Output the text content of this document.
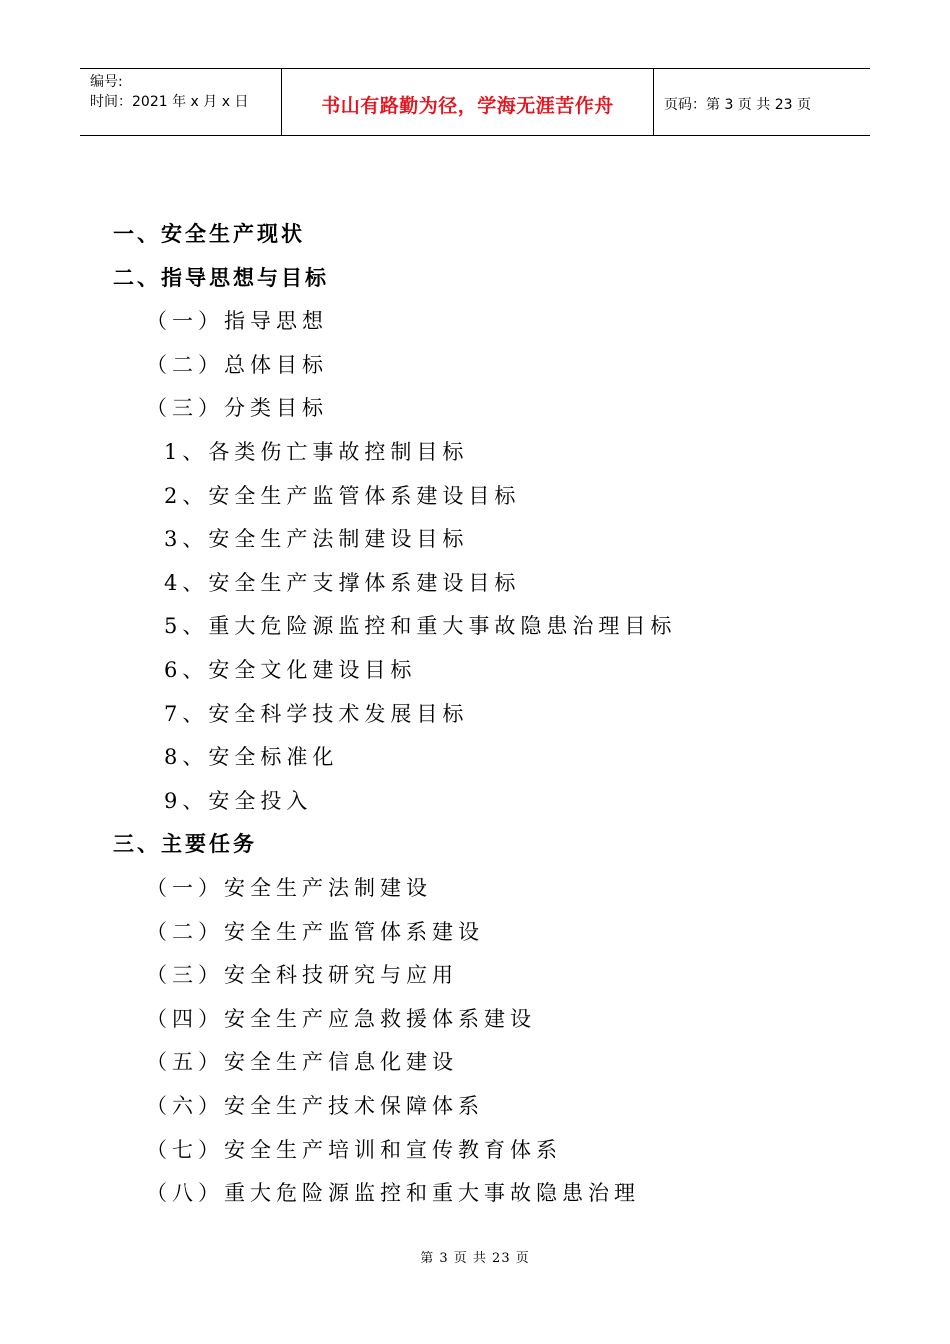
编号:
时间：2021 年 x 月 x 日	书山有路勤为径，学海无涯苦作舟	页码：第 3 页 共 23 页
一、安全生产现状
二、指导思想与目标
（一）指导思想
（二）总体目标
（三）分类目标
1、各类伤亡事故控制目标
2、安全生产监管体系建设目标
3、安全生产法制建设目标
4、安全生产支撑体系建设目标
5、重大危险源监控和重大事故隐患治理目标
6、安全文化建设目标
7、安全科学技术发展目标
8、安全标准化
9、安全投入
三、主要任务
（一）安全生产法制建设
（二）安全生产监管体系建设
（三）安全科技研究与应用
（四）安全生产应急救援体系建设
（五）安全生产信息化建设
（六）安全生产技术保障体系
（七）安全生产培训和宣传教育体系
（八）重大危险源监控和重大事故隐患治理
第 3 页 共 23 页
